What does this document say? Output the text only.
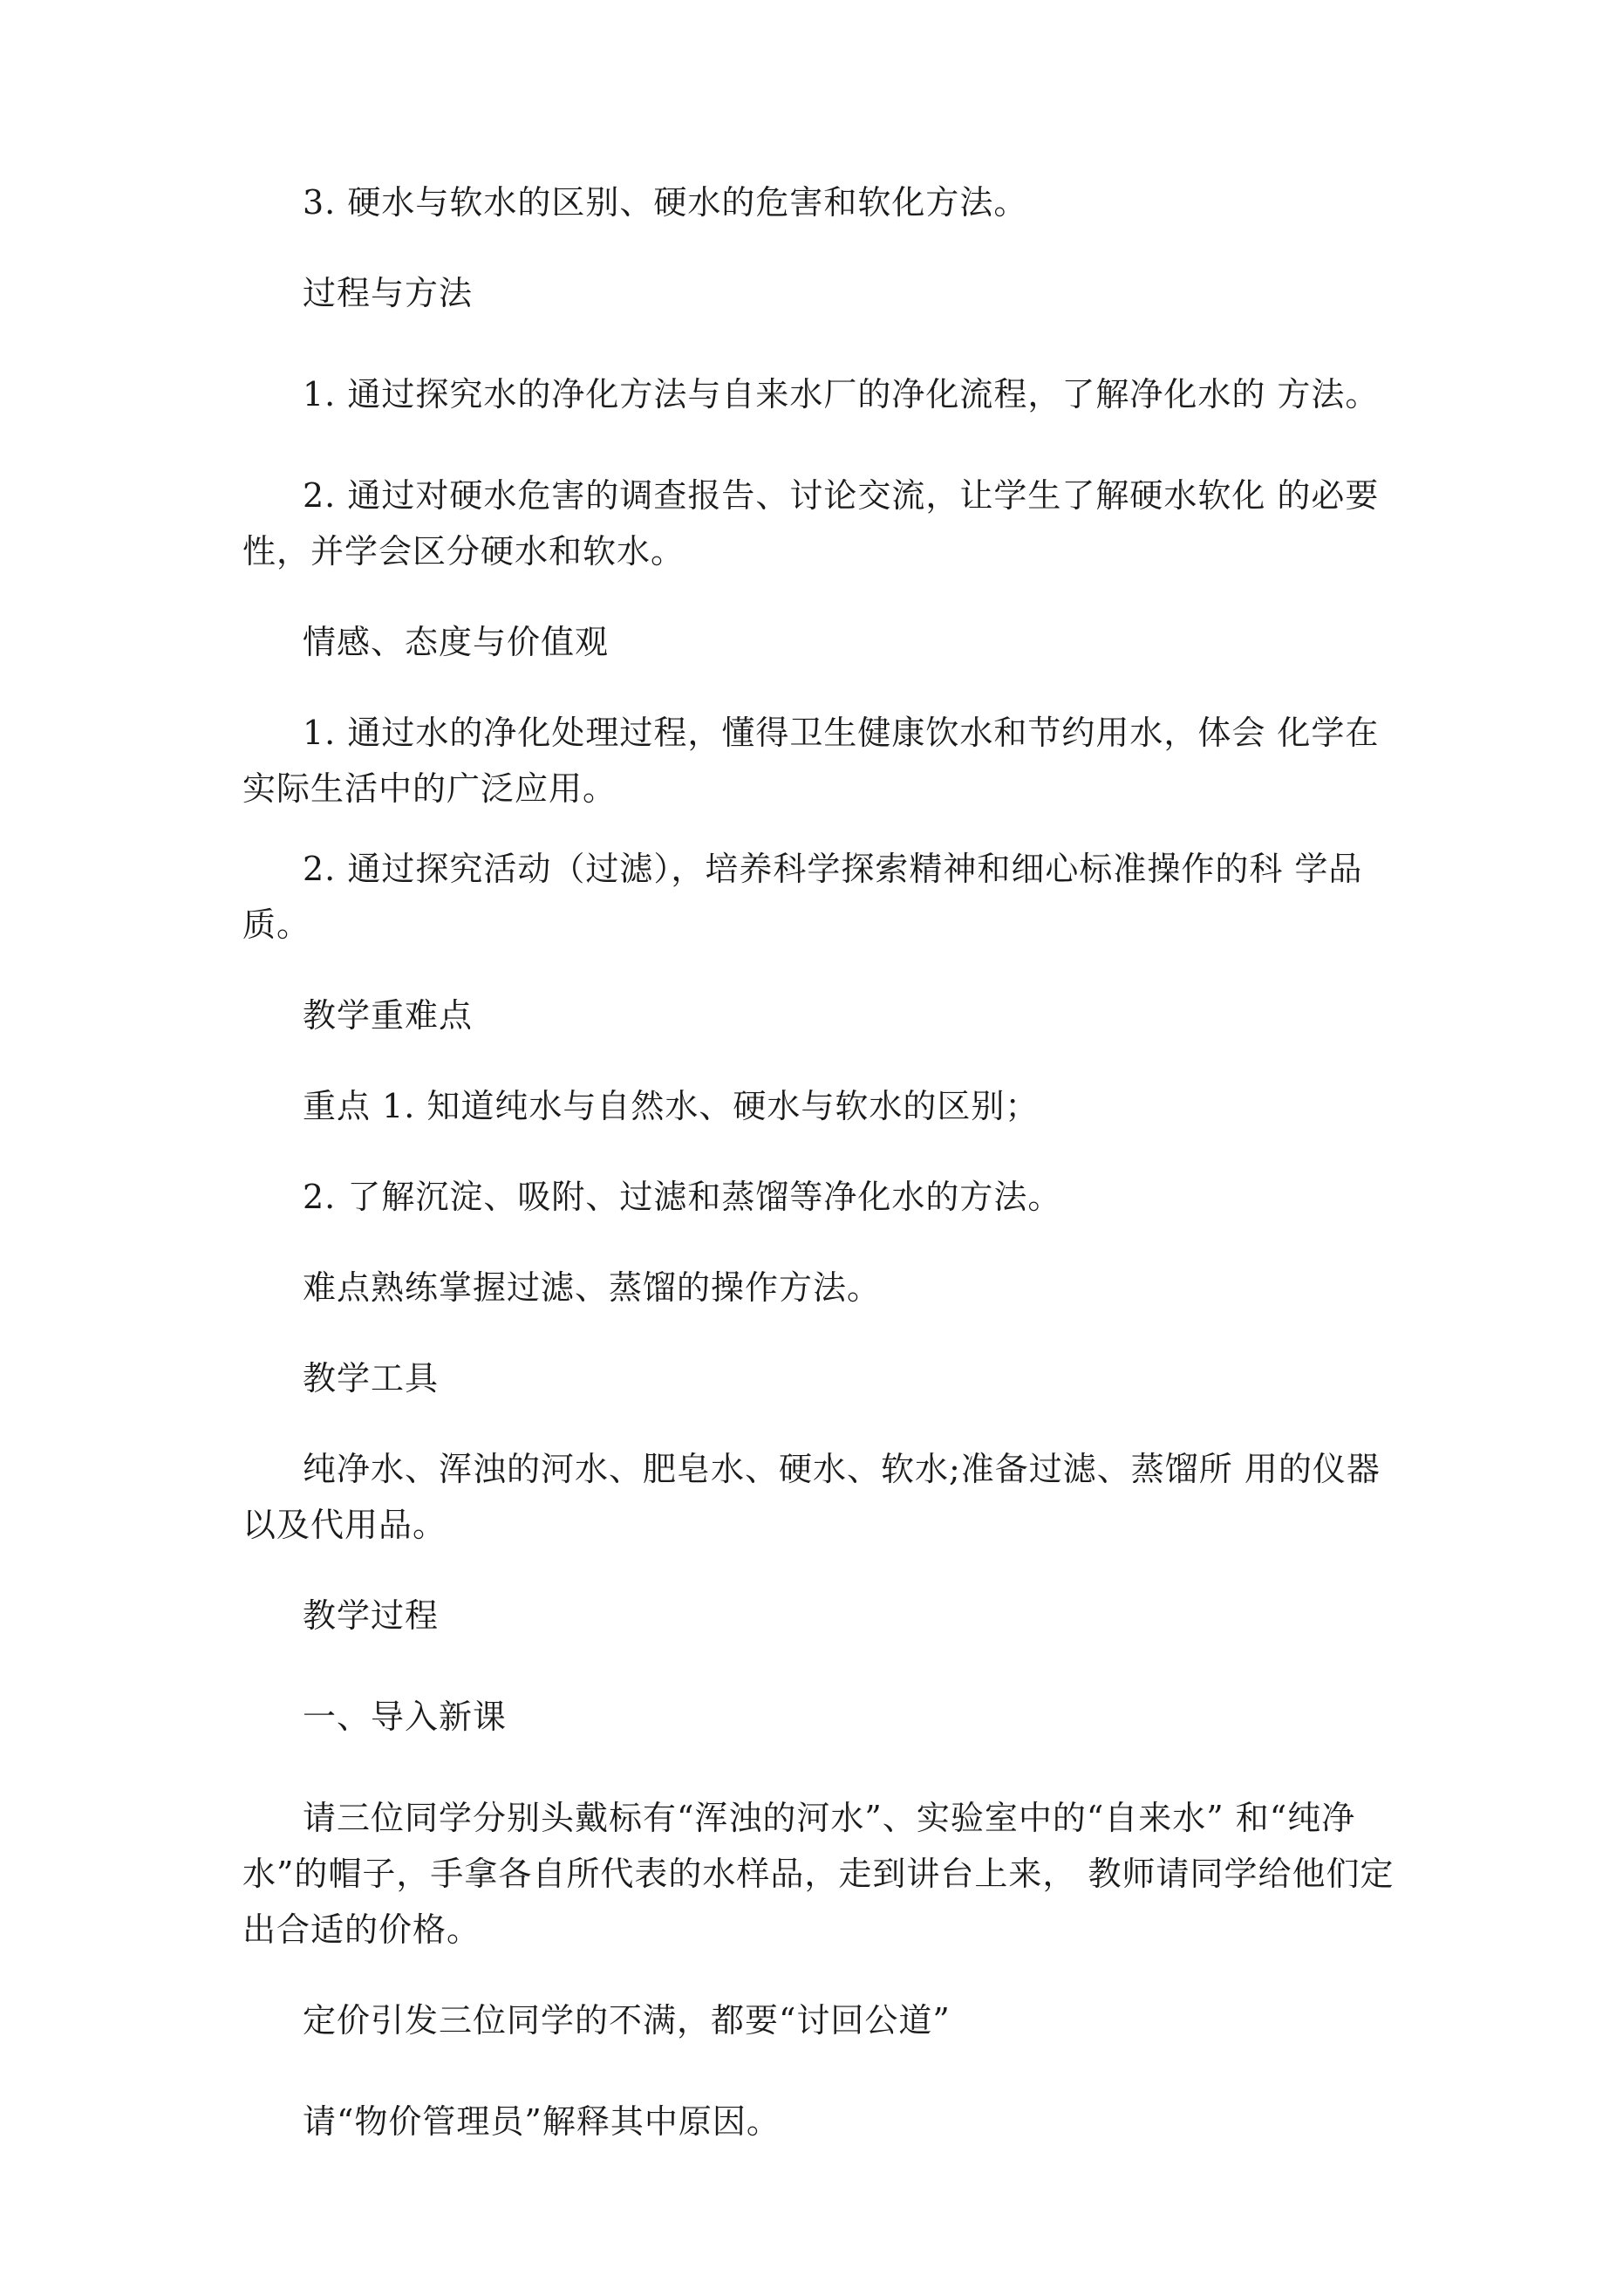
3. 硬水与软水的区别、硬水的危害和软化方法。

过程与方法

1. 通过探究水的净化方法与自来水厂的净化流程，了解净化水的 方法。

2. 通过对硬水危害的调查报告、讨论交流，让学生了解硬水软化 的必要性，并学会区分硬水和软水。

情感、态度与价值观

1. 通过水的净化处理过程，懂得卫生健康饮水和节约用水，体会 化学在实际生活中的广泛应用。

2. 通过探究活动（过滤），培养科学探索精神和细心标准操作的科 学品质。

教学重难点

重点 1. 知道纯水与自然水、硬水与软水的区别；

2. 了解沉淀、吸附、过滤和蒸馏等净化水的方法。

难点熟练掌握过滤、蒸馏的操作方法。

教学工具

纯净水、浑浊的河水、肥皂水、硬水、软水;准备过滤、蒸馏所 用的仪器以及代用品。

教学过程

一、导入新课

请三位同学分别头戴标有“浑浊的河水”、实验室中的“自来水” 和“纯净水”的帽子，手拿各自所代表的水样品，走到讲台上来， 教师请同学给他们定出合适的价格。

定价引发三位同学的不满，都要“讨回公道”

请“物价管理员”解释其中原因。
